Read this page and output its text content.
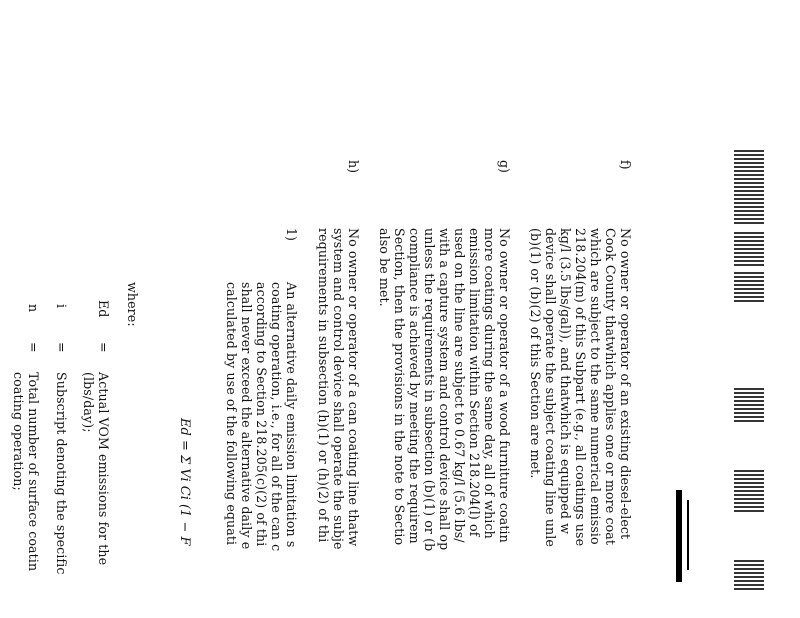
f)
No owner or operator of an existing diesel-elect
Cook County thatwhich applies one or more coat
which are subject to the same numerical emissio
218.204(m) of this Subpart (e.g., all coatings use
kg/l (3.5 lbs/gal)), and thatwhich is equipped w
device shall operate the subject coating line unle
(b)(1) or (b)(2) of this Section are met.
g)
No owner or operator of a wood furniture coatin
more coatings during the same day, all of which
emission limitation within Section 218.204(l) of
used on the line are subject to 0.67 kg/l (5.6 lbs/
with a capture system and control device shall op
unless the requirements in subsection (b)(1) or (b
compliance is achieved by meeting the requirem
Section, then the provisions in the note to Sectio
also be met.
h)
No owner or operator of a can coating line thatw
system and control device shall operate the subje
requirements in subsection (h)(1) or (h)(2) of thi
1)
An alternative daily emission limitation s
coating operation, i.e., for all of the can c
according to Section 218.205(c)(2) of thi
shall never exceed the alternative daily e
calculated by use of the following equati
Ed = Σ Vi Ci (1 − F
where:
Ed
=
Actual VOM emissions for the
(lbs/day);
i
=
Subscript denoting the specific
n
=
Total number of surface coatin
coating operation;
